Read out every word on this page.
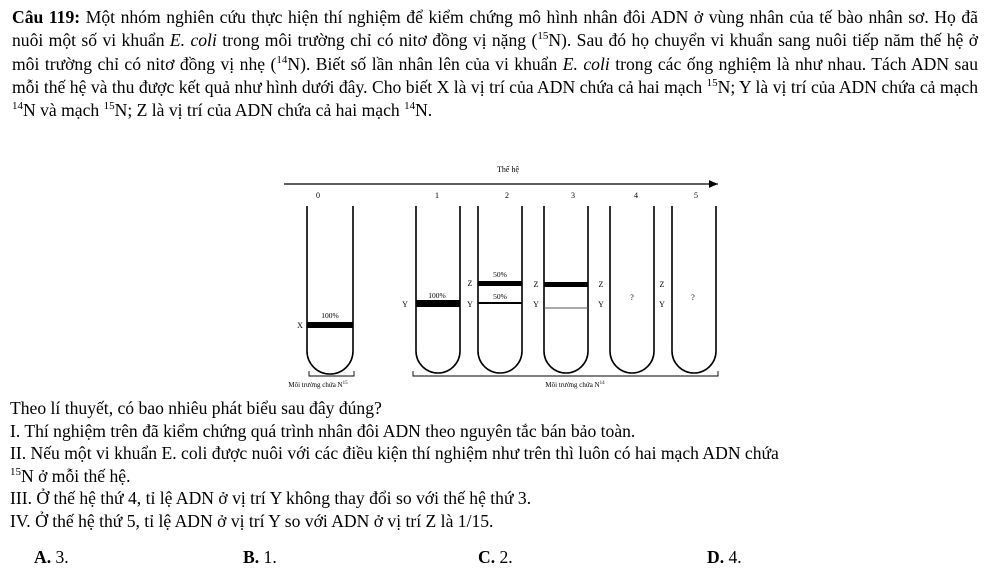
Câu 119: Một nhóm nghiên cứu thực hiện thí nghiệm để kiểm chứng mô hình nhân đôi ADN ở vùng nhân của tế bào nhân sơ. Họ đã nuôi một số vi khuẩn E. coli trong môi trường chỉ có nitơ đồng vị nặng ($^{15}$N). Sau đó họ chuyển vi khuẩn sang nuôi tiếp năm thế hệ ở môi trường chỉ có nitơ đồng vị nhẹ ($^{14}$N). Biết số lần nhân lên của vi khuẩn E. coli trong các ống nghiệm là như nhau. Tách ADN sau mỗi thế hệ và thu được kết quả như hình dưới đây. Cho biết X là vị trí của ADN chứa cả hai mạch $^{15}$N; Y là vị trí của ADN chứa cả mạch $^{14}$N và mạch $^{15}$N; Z là vị trí của ADN chứa cả hai mạch $^{14}$N.
Thế hệ
0	1	2	3	4	5
100%
X
100%
Y
50%
50%
Z
Y
Z
Y
Z
Y
?
Z
Y
?
Môi trường chứa $N^{15}$	Môi trường chứa $N^{14}$
Theo lí thuyết, có bao nhiêu phát biểu sau đây đúng?
I. Thí nghiệm trên đã kiểm chứng quá trình nhân đôi ADN theo nguyên tắc bán bảo toàn.
II. Nếu một vi khuẩn E. coli được nuôi với các điều kiện thí nghiệm như trên thì luôn có hai mạch ADN chứa
$^{15}$N ở mỗi thế hệ.
III. Ở thế hệ thứ 4, tỉ lệ ADN ở vị trí Y không thay đổi so với thế hệ thứ 3.
IV. Ở thế hệ thứ 5, tỉ lệ ADN ở vị trí Y so với ADN ở vị trí Z là 1/15.
A. 3.	B. 1.	C. 2.	D. 4.
